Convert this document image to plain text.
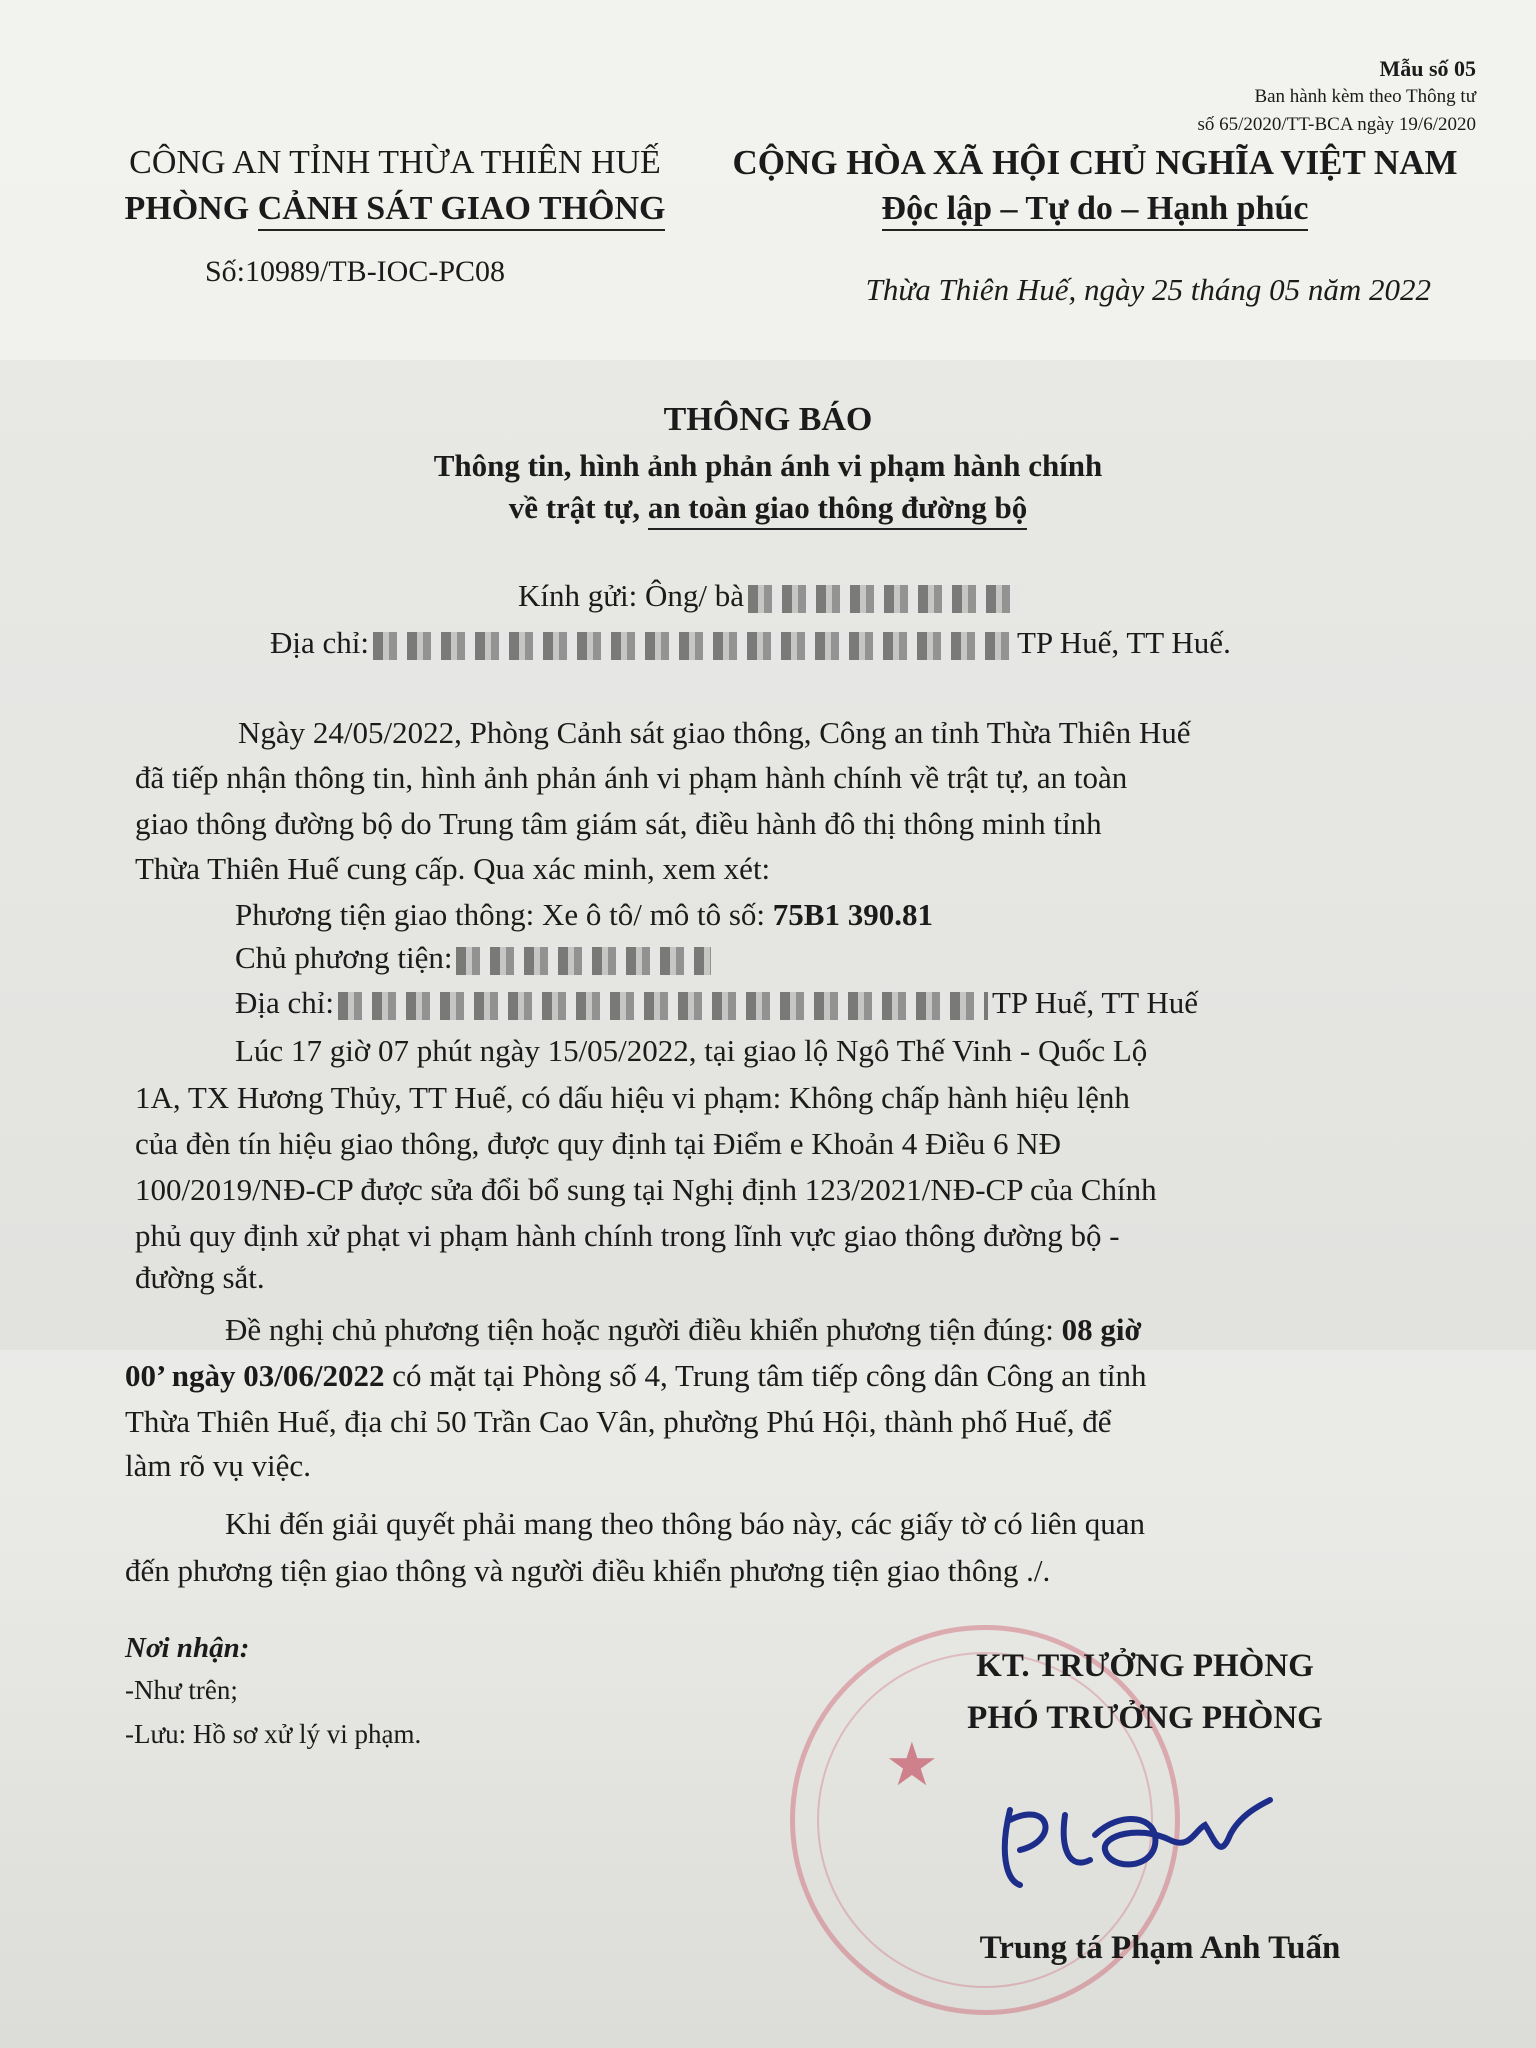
Mẫu số 05
Ban hành kèm theo Thông tư
số 65/2020/TT-BCA ngày 19/6/2020
CÔNG AN TỈNH THỪA THIÊN HUẾ
PHÒNG CẢNH SÁT GIAO THÔNG
Số:10989/TB-IOC-PC08
CỘNG HÒA XÃ HỘI CHỦ NGHĨA VIỆT NAM
Độc lập – Tự do – Hạnh phúc
Thừa Thiên Huế, ngày 25 tháng 05 năm 2022
THÔNG BÁO
Thông tin, hình ảnh phản ánh vi phạm hành chính
về trật tự, an toàn giao thông đường bộ
Kính gửi: Ông/ bà
Địa chỉ:	TP Huế, TT Huế.
Ngày 24/05/2022, Phòng Cảnh sát giao thông, Công an tỉnh Thừa Thiên Huế
đã tiếp nhận thông tin, hình ảnh phản ánh vi phạm hành chính về trật tự, an toàn
giao thông đường bộ do Trung tâm giám sát, điều hành đô thị thông minh tỉnh
Thừa Thiên Huế cung cấp. Qua xác minh, xem xét:
Phương tiện giao thông: Xe ô tô/ mô tô số: 75B1 390.81
Chủ phương tiện:
Địa chỉ:	TP Huế, TT Huế
Lúc 17 giờ 07 phút ngày 15/05/2022, tại giao lộ Ngô Thế Vinh - Quốc Lộ
1A, TX Hương Thủy, TT Huế, có dấu hiệu vi phạm: Không chấp hành hiệu lệnh
của đèn tín hiệu giao thông, được quy định tại Điểm e Khoản 4 Điều 6 NĐ
100/2019/NĐ-CP được sửa đổi bổ sung tại Nghị định 123/2021/NĐ-CP của Chính
phủ quy định xử phạt vi phạm hành chính trong lĩnh vực giao thông đường bộ -
đường sắt.
Đề nghị chủ phương tiện hoặc người điều khiển phương tiện đúng: 08 giờ
00’ ngày 03/06/2022 có mặt tại Phòng số 4, Trung tâm tiếp công dân Công an tỉnh
Thừa Thiên Huế, địa chỉ 50 Trần Cao Vân, phường Phú Hội, thành phố Huế, để
làm rõ vụ việc.
Khi đến giải quyết phải mang theo thông báo này, các giấy tờ có liên quan
đến phương tiện giao thông và người điều khiển phương tiện giao thông ./.
Nơi nhận:
-Như trên;
-Lưu: Hồ sơ xử lý vi phạm.	★
KT. TRƯỞNG PHÒNG
PHÓ TRƯỞNG PHÒNG
Trung tá Phạm Anh Tuấn
